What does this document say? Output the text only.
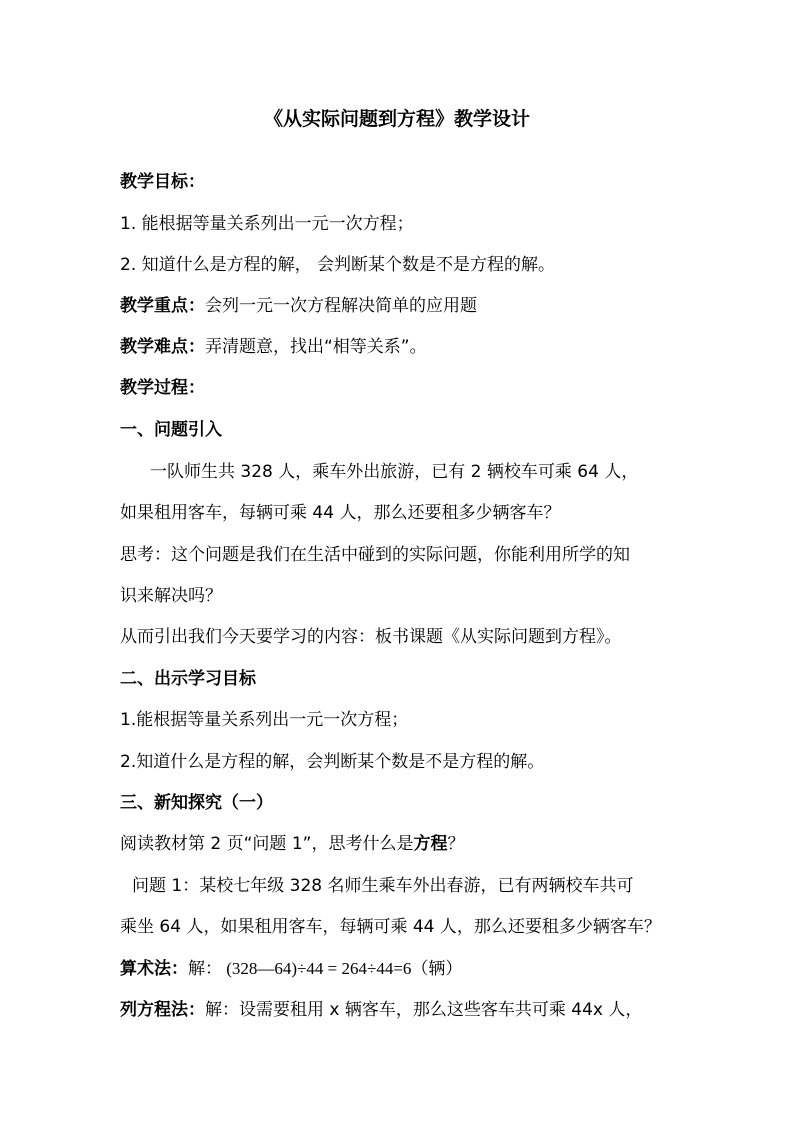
《从实际问题到方程》教学设计
教学目标：
1. 能根据等量关系列出一元一次方程；
2. 知道什么是方程的解， 会判断某个数是不是方程的解。
教学重点：会列一元一次方程解决简单的应用题
教学难点：弄清题意，找出“相等关系”。
教学过程：
一、问题引入
一队师生共 328 人，乘车外出旅游，已有 2 辆校车可乘 64 人，
如果租用客车，每辆可乘 44 人，那么还要租多少辆客车？
思考：这个问题是我们在生活中碰到的实际问题，你能利用所学的知
识来解决吗？
从而引出我们今天要学习的内容：板书课题《从实际问题到方程》。
二、出示学习目标
1.能根据等量关系列出一元一次方程；
2.知道什么是方程的解，会判断某个数是不是方程的解。
三、新知探究（一）
阅读教材第 2 页“问题 1”，思考什么是方程？
问题 1：某校七年级 328 名师生乘车外出春游，已有两辆校车共可
乘坐 64 人，如果租用客车，每辆可乘 44 人，那么还要租多少辆客车？
算术法：解： (328―64)÷44 = 264÷44=6（辆）
列方程法：解：设需要租用 x 辆客车，那么这些客车共可乘 44x 人，
